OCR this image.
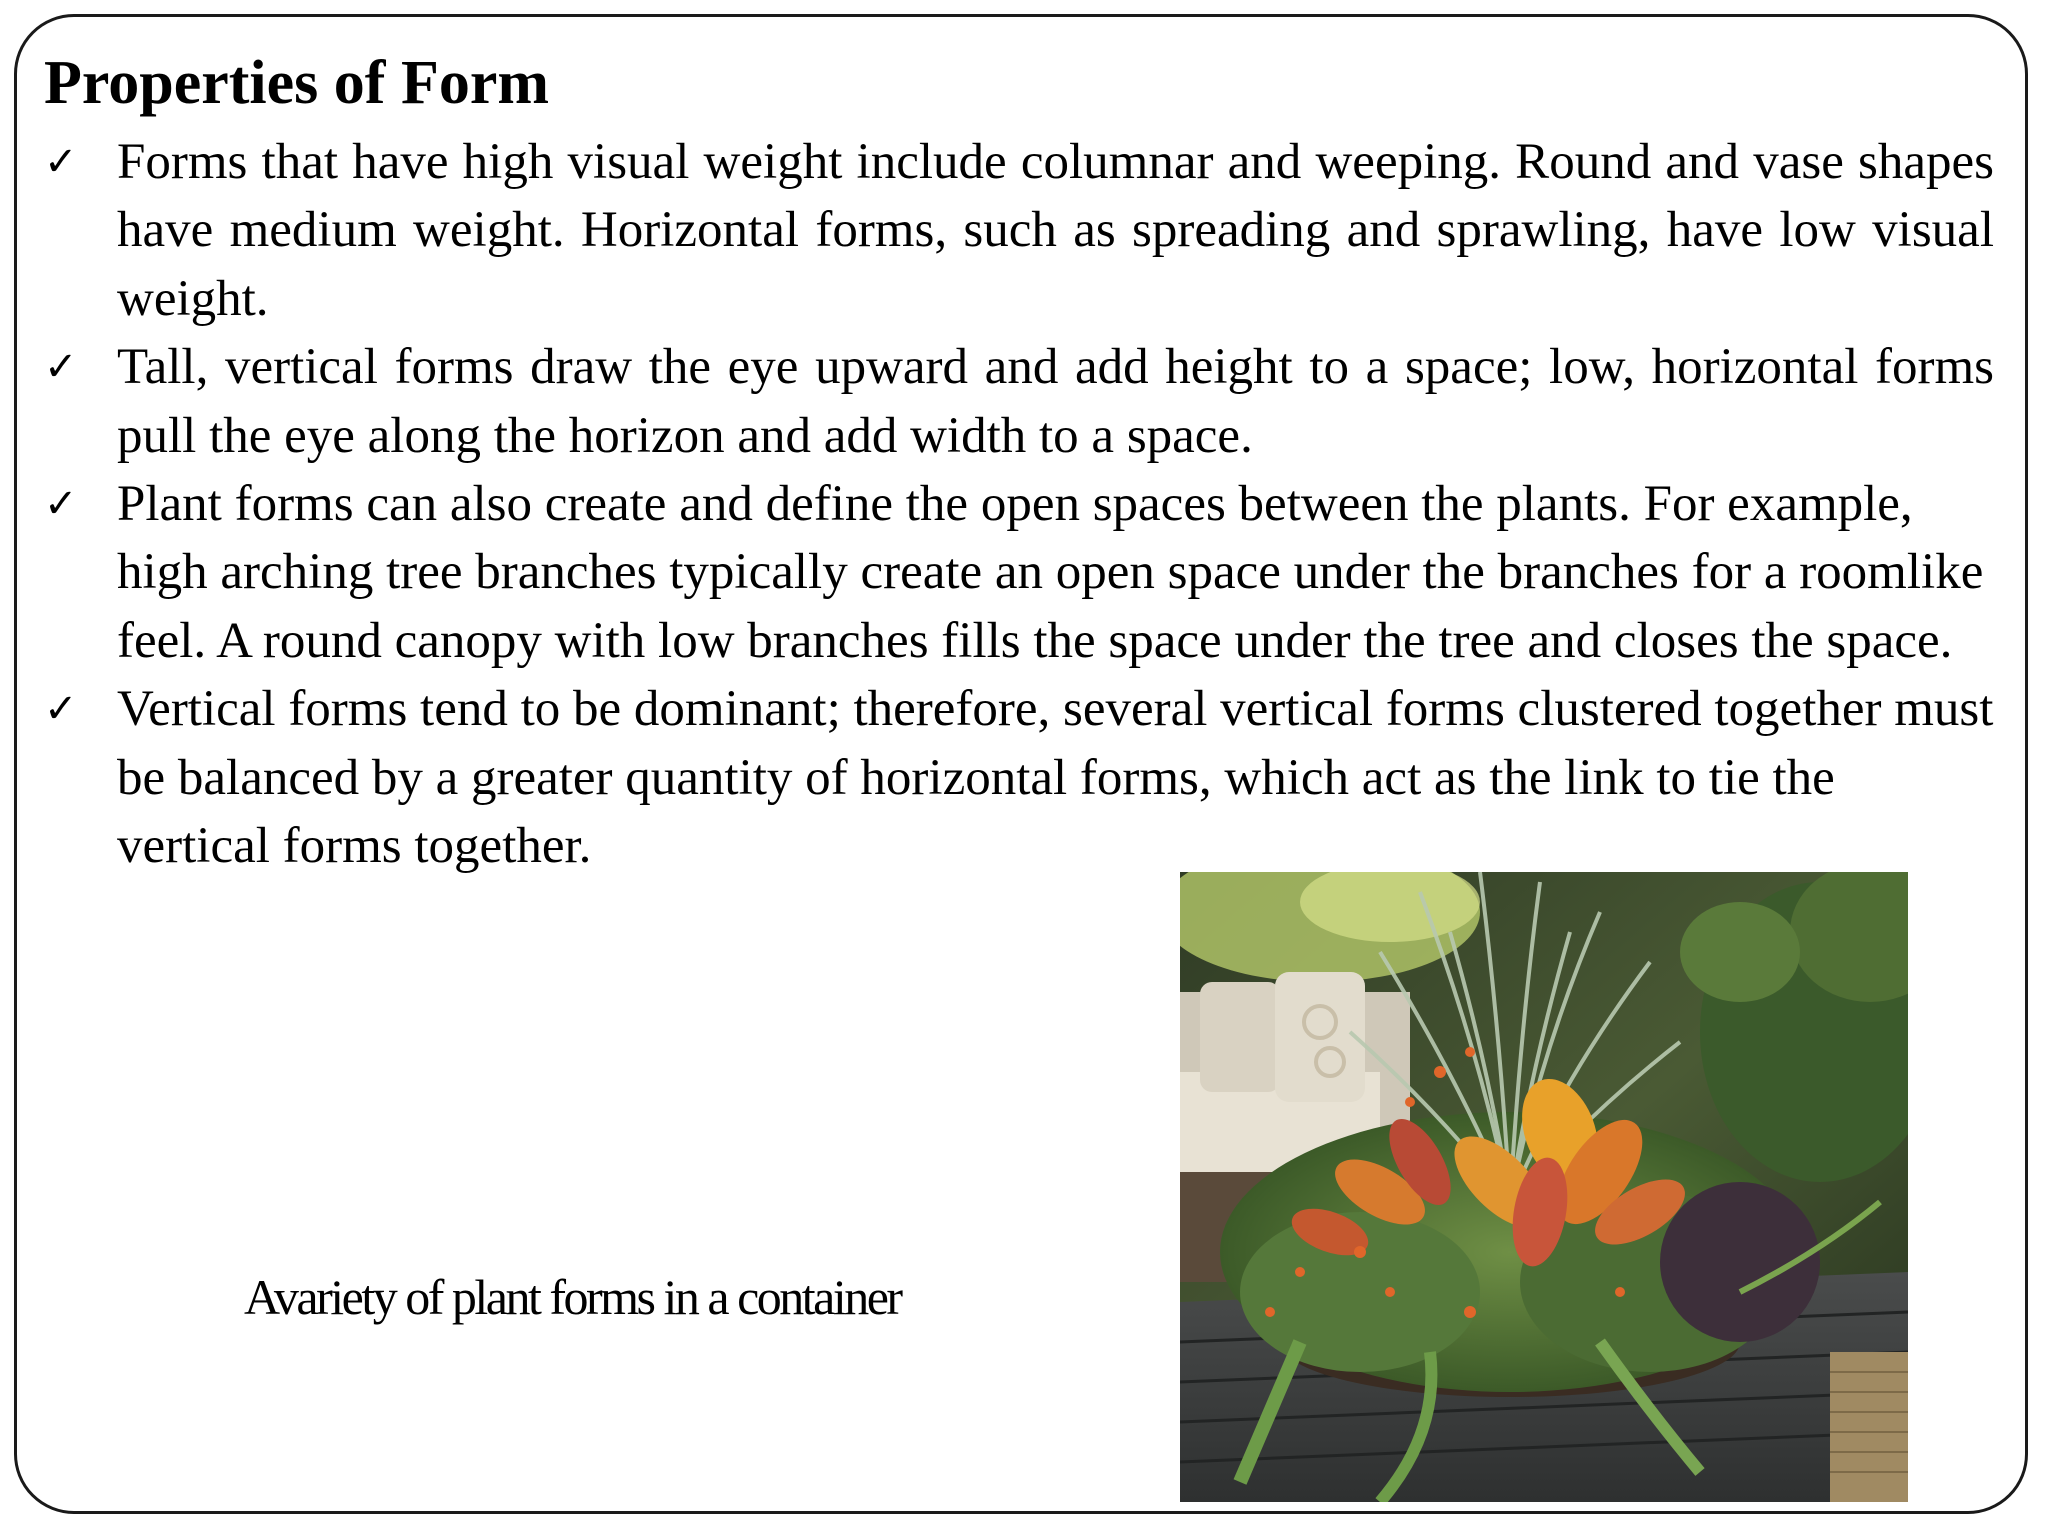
Properties of Form
✓ Forms that have high visual weight include columnar and weeping. Round and vase shapes have medium weight. Horizontal forms, such as spreading and sprawling, have low visual weight.
✓ Tall, vertical forms draw the eye upward and add height to a space; low, horizontal forms pull the eye along the horizon and add width to a space.
✓ Plant forms can also create and define the open spaces between the plants. For example, high arching tree branches typically create an open space under the branches for a roomlike feel. A round canopy with low branches fills the space under the tree and closes the space.
✓ Vertical forms tend to be dominant; therefore, several vertical forms clustered together must be balanced by a greater quantity of horizontal forms, which act as the link to tie the vertical forms together.
Avariety of plant forms in a container
